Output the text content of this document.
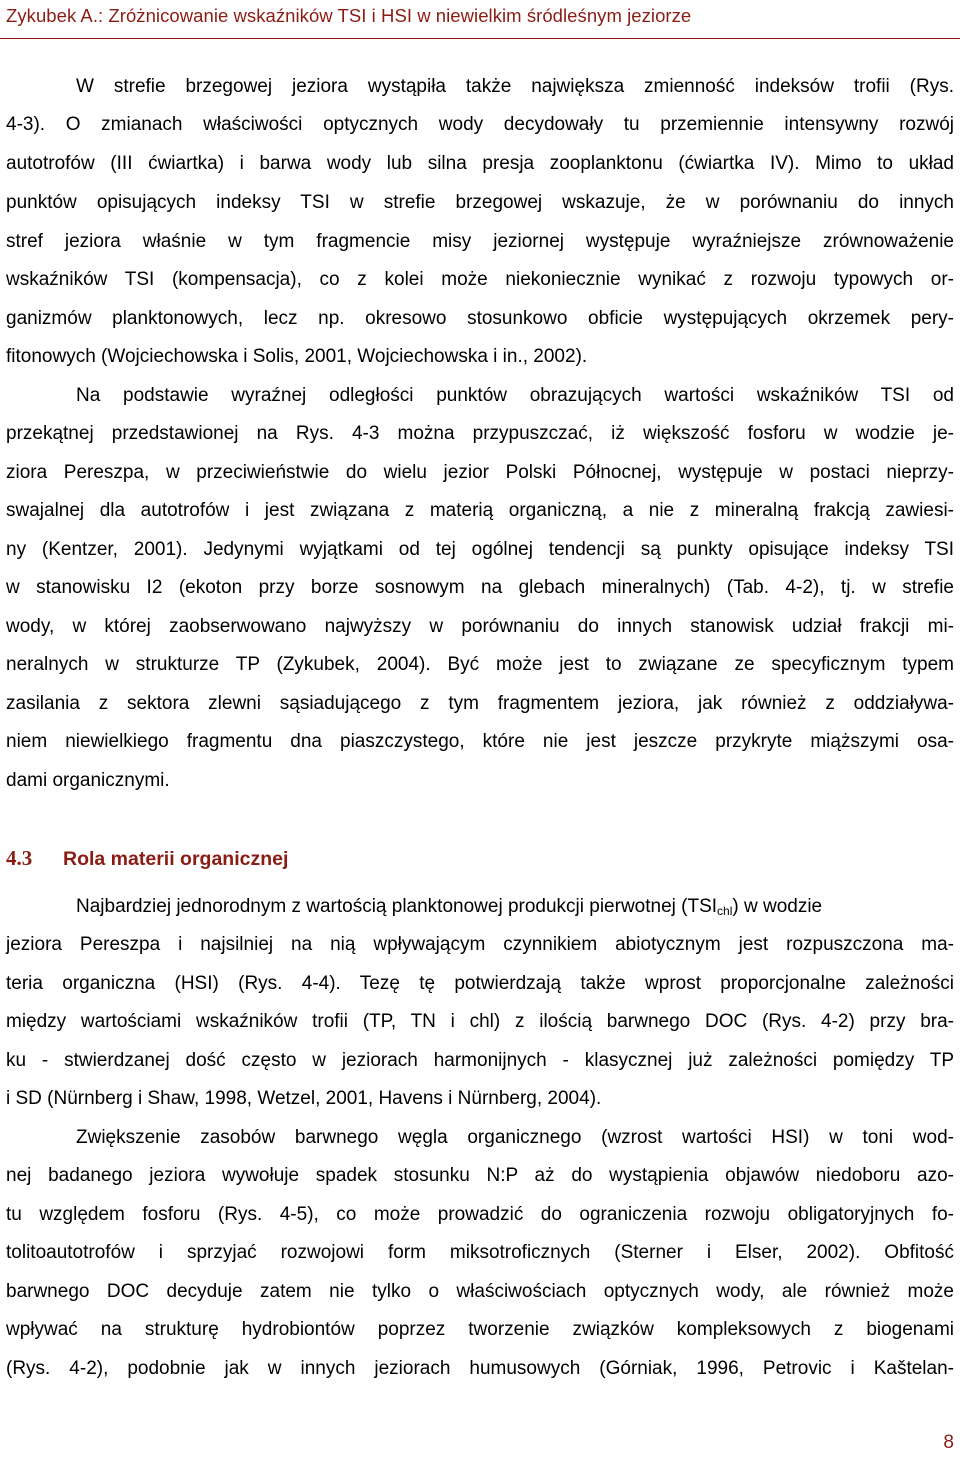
Zykubek A.: Zróżnicowanie wskaźników TSI i HSI w niewielkim śródleśnym jeziorze
W strefie brzegowej jeziora wystąpiła także największa zmienność indeksów trofii (Rys.
4-3). O zmianach właściwości optycznych wody decydowały tu przemiennie intensywny rozwój
autotrofów (III ćwiartka) i barwa wody lub silna presja zooplanktonu (ćwiartka IV). Mimo to układ
punktów opisujących indeksy TSI w strefie brzegowej wskazuje, że w porównaniu do innych
stref jeziora właśnie w tym fragmencie misy jeziornej występuje wyraźniejsze zrównoważenie
wskaźników TSI (kompensacja), co z kolei może niekoniecznie wynikać z rozwoju typowych or-
ganizmów planktonowych, lecz np. okresowo stosunkowo obficie występujących okrzemek pery-
fitonowych (Wojciechowska i Solis, 2001, Wojciechowska i in., 2002).
Na podstawie wyraźnej odległości punktów obrazujących wartości wskaźników TSI od
przekątnej przedstawionej na Rys. 4-3 można przypuszczać, iż większość fosforu w wodzie je-
ziora Pereszpa, w przeciwieństwie do wielu jezior Polski Północnej, występuje w postaci nieprzy-
swajalnej dla autotrofów i jest związana z materią organiczną, a nie z mineralną frakcją zawiesi-
ny (Kentzer, 2001). Jedynymi wyjątkami od tej ogólnej tendencji są punkty opisujące indeksy TSI
w stanowisku I2 (ekoton przy borze sosnowym na glebach mineralnych) (Tab. 4-2), tj. w strefie
wody, w której zaobserwowano najwyższy w porównaniu do innych stanowisk udział frakcji mi-
neralnych w strukturze TP (Zykubek, 2004). Być może jest to związane ze specyficznym typem
zasilania z sektora zlewni sąsiadującego z tym fragmentem jeziora, jak również z oddziaływa-
niem niewielkiego fragmentu dna piaszczystego, które nie jest jeszcze przykryte miąższymi osa-
dami organicznymi.
4.3 Rola materii organicznej
Najbardziej jednorodnym z wartością planktonowej produkcji pierwotnej $(TSI_{chl})$ w wodzie
jeziora Pereszpa i najsilniej na nią wpływającym czynnikiem abiotycznym jest rozpuszczona ma-
teria organiczna (HSI) (Rys. 4-4). Tezę tę potwierdzają także wprost proporcjonalne zależności
między wartościami wskaźników trofii (TP, TN i chl) z ilością barwnego DOC (Rys. 4-2) przy bra-
ku - stwierdzanej dość często w jeziorach harmonijnych - klasycznej już zależności pomiędzy TP
i SD (Nürnberg i Shaw, 1998, Wetzel, 2001, Havens i Nürnberg, 2004).
Zwiększenie zasobów barwnego węgla organicznego (wzrost wartości HSI) w toni wod-
nej badanego jeziora wywołuje spadek stosunku N:P aż do wystąpienia objawów niedoboru azo-
tu względem fosforu (Rys. 4-5), co może prowadzić do ograniczenia rozwoju obligatoryjnych fo-
tolitoautotrofów i sprzyjać rozwojowi form miksotroficznych (Sterner i Elser, 2002). Obfitość
barwnego DOC decyduje zatem nie tylko o właściwościach optycznych wody, ale również może
wpływać na strukturę hydrobiontów poprzez tworzenie związków kompleksowych z biogenami
(Rys. 4-2), podobnie jak w innych jeziorach humusowych (Górniak, 1996, Petrovic i Kaštelan-
8
